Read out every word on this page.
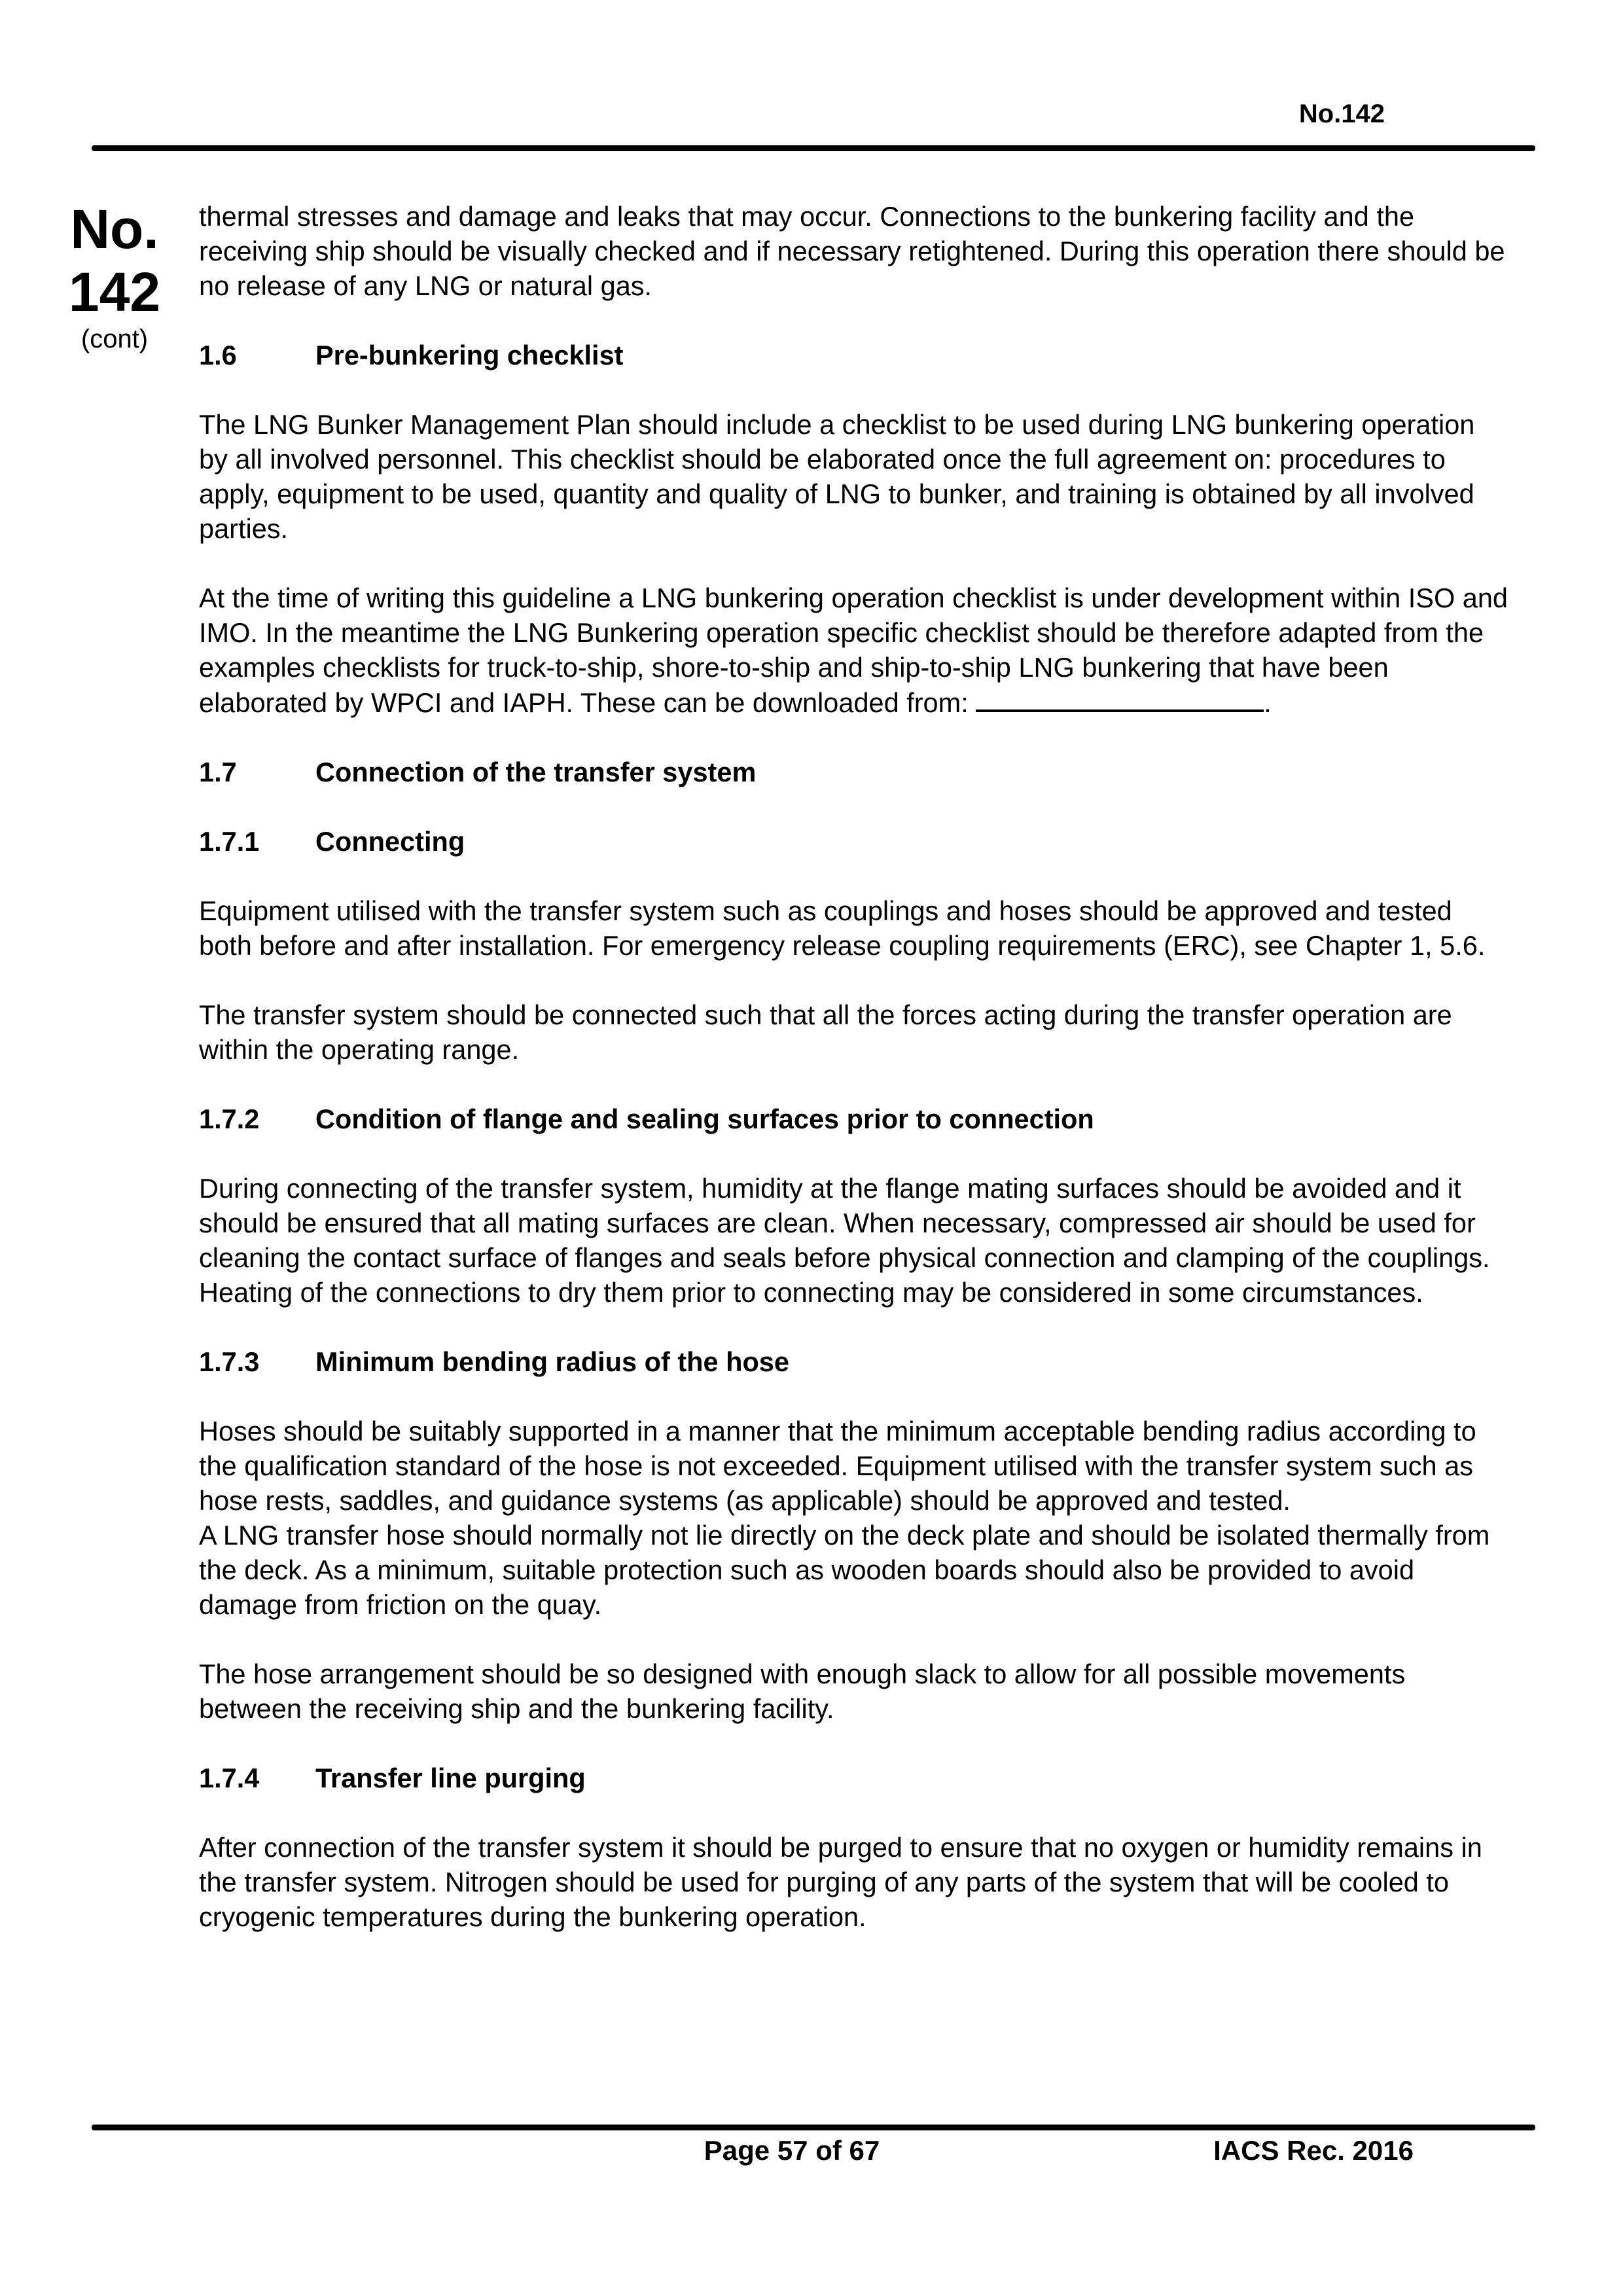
No.142
No.
142
(cont)

thermal stresses and damage and leaks that may occur. Connections to the bunkering facility and the receiving ship should be visually checked and if necessary retightened. During this operation there should be no release of any LNG or natural gas.

1.6	Pre-bunkering checklist

The LNG Bunker Management Plan should include a checklist to be used during LNG bunkering operation by all involved personnel. This checklist should be elaborated once the full agreement on: procedures to apply, equipment to be used, quantity and quality of LNG to bunker, and training is obtained by all involved parties.

At the time of writing this guideline a LNG bunkering operation checklist is under development within ISO and IMO. In the meantime the LNG Bunkering operation specific checklist should be therefore adapted from the examples checklists for truck-to-ship, shore-to-ship and ship-to-ship LNG bunkering that have been elaborated by WPCI and IAPH. These can be downloaded from:	.

1.7	Connection of the transfer system
1.7.1	Connecting

Equipment utilised with the transfer system such as couplings and hoses should be approved and tested both before and after installation. For emergency release coupling requirements (ERC), see Chapter 1, 5.6.

The transfer system should be connected such that all the forces acting during the transfer operation are within the operating range.

1.7.2	Condition of flange and sealing surfaces prior to connection

During connecting of the transfer system, humidity at the flange mating surfaces should be avoided and it should be ensured that all mating surfaces are clean. When necessary, compressed air should be used for cleaning the contact surface of flanges and seals before physical connection and clamping of the couplings. Heating of the connections to dry them prior to connecting may be considered in some circumstances.

1.7.3	Minimum bending radius of the hose

Hoses should be suitably supported in a manner that the minimum acceptable bending radius according to the qualification standard of the hose is not exceeded. Equipment utilised with the transfer system such as hose rests, saddles, and guidance systems (as applicable) should be approved and tested.

A LNG transfer hose should normally not lie directly on the deck plate and should be isolated thermally from the deck. As a minimum, suitable protection such as wooden boards should also be provided to avoid damage from friction on the quay.

The hose arrangement should be so designed with enough slack to allow for all possible movements between the receiving ship and the bunkering facility.

1.7.4	Transfer line purging

After connection of the transfer system it should be purged to ensure that no oxygen or humidity remains in the transfer system. Nitrogen should be used for purging of any parts of the system that will be cooled to cryogenic temperatures during the bunkering operation.

Page 57 of 67	IACS Rec. 2016
